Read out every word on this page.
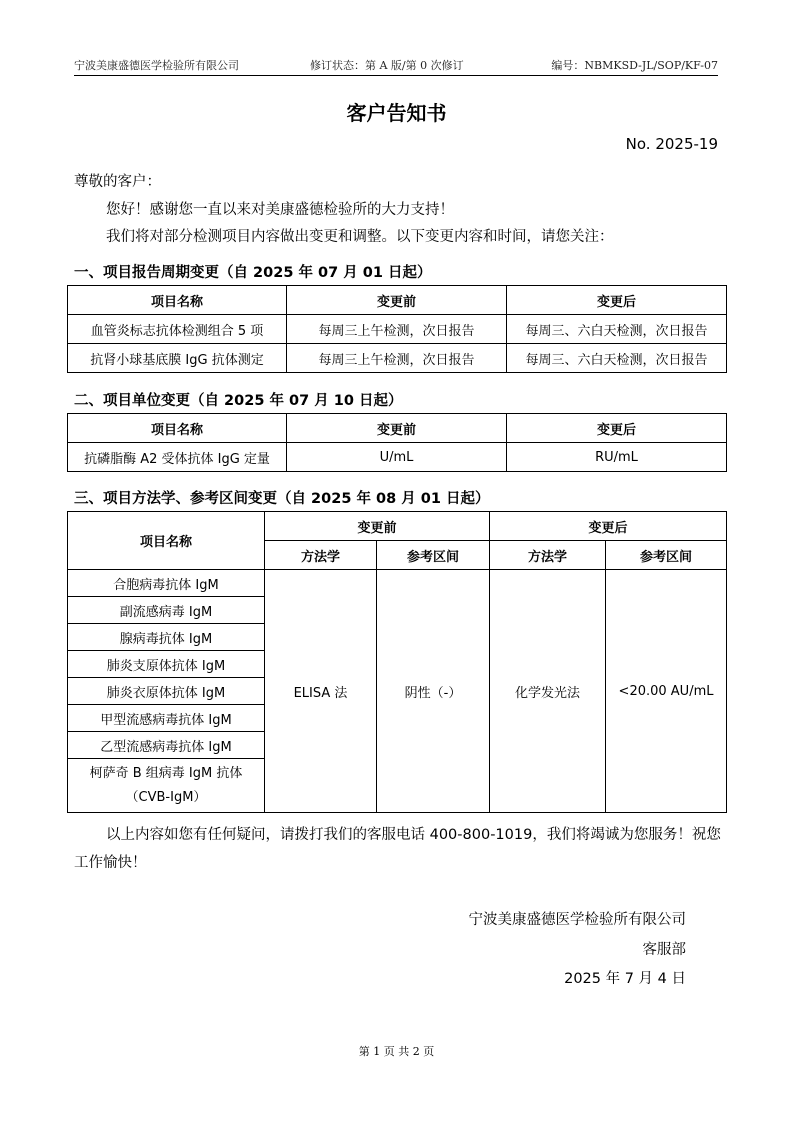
宁波美康盛德医学检验所有限公司	修订状态：第 A 版/第 0 次修订	编号：NBMKSD-JL/SOP/KF-07
客户告知书
No. 2025-19
尊敬的客户：
您好！感谢您一直以来对美康盛德检验所的大力支持！
我们将对部分检测项目内容做出变更和调整。以下变更内容和时间，请您关注：
一、项目报告周期变更（自 2025 年 07 月 01 日起）
项目名称	变更前	变更后
血管炎标志抗体检测组合 5 项	每周三上午检测，次日报告	每周三、六白天检测，次日报告
抗肾小球基底膜 IgG 抗体测定	每周三上午检测，次日报告	每周三、六白天检测，次日报告
二、项目单位变更（自 2025 年 07 月 10 日起）
项目名称	变更前	变更后
抗磷脂酶 A2 受体抗体 IgG 定量	U/mL	RU/mL
三、项目方法学、参考区间变更（自 2025 年 08 月 01 日起）
项目名称	变更前		变更后	
	方法学	参考区间	方法学	参考区间
合胞病毒抗体 IgM	ELISA 法	阴性（-）	化学发光法	<20.00 AU/mL
副流感病毒 IgM				
腺病毒抗体 IgM				
肺炎支原体抗体 IgM				
肺炎衣原体抗体 IgM				
甲型流感病毒抗体 IgM				
乙型流感病毒抗体 IgM				
柯萨奇 B 组病毒 IgM 抗体（CVB-IgM）				
以上内容如您有任何疑问，请拨打我们的客服电话 400-800-1019，我们将竭诚为您服务！祝您工作愉快！
宁波美康盛德医学检验所有限公司
客服部
2025 年 7 月 4 日
第 1 页 共 2 页
